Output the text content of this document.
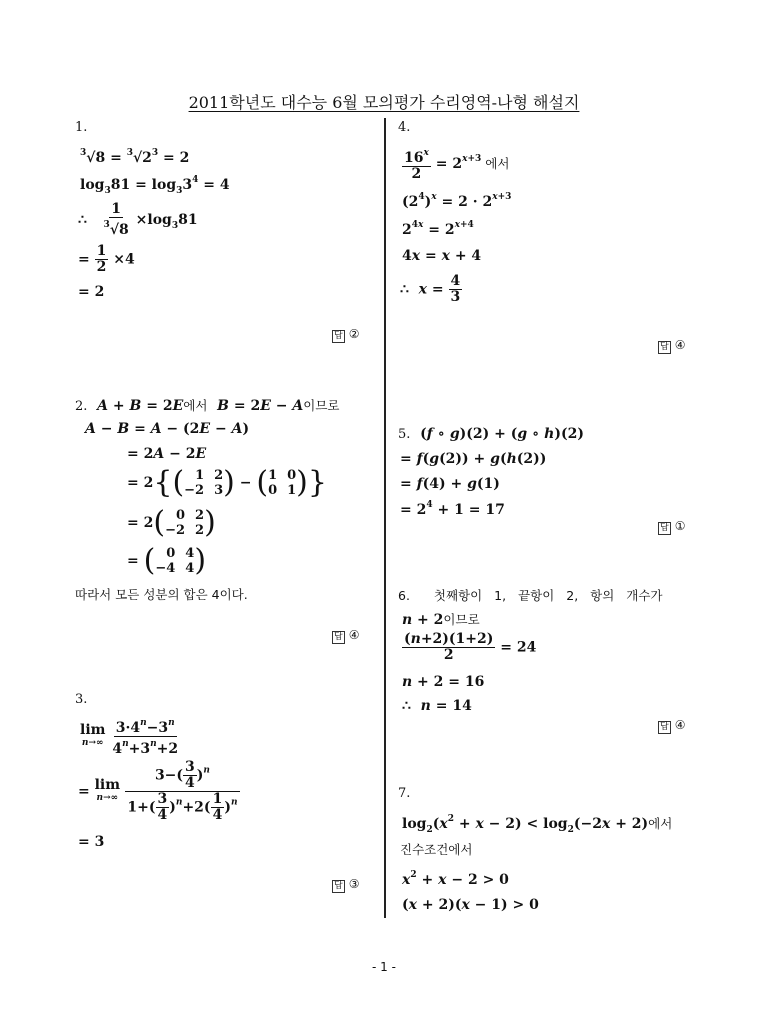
2011학년도 대수능 6월 모의평가 수리영역-나형 해설지
1.
$^3√8 = ^3√2^3 = 2$
$\log_381 = \log_33^4 = 4$
∴ $\frac{1}{^3√8} \times\log_381$
= $\frac{1}{2} \times 4$
= 2
답 ②
2. A + B = 2E에서 B = 2E − A이므로
A − B = A − (2E − A)
= 2A − 2E
= 2{( 1 2
−2 3 ) − ( 1 0
0 1 )}
= 2( 0 2
−2 2 )
= ( 0 4
−4 4 )
따라서 모든 성분의 합은 4이다.
답 ④
3.
lim
n→∞
$\frac{3\cdot 4^n-3^n}{4^n+3^n+2}$
= lim
n→∞
$\frac{3-( \frac{3}{4} )^n}{1+( \frac{3}{4} )^n+2( \frac{1}{4} )^n}$
= 3
답 ③
4.
$\frac{16^x}{2} = 2^{x+3}$ 에서
$(2^4)^x = 2 \cdot 2^{x+3}$
$2^{4x} = 2^{x+4}$
4x = x + 4
∴ $x = \frac{4}{3}$
답 ④
5.  (f ∘ g)(2) + (g ∘ h)(2)
= f(g(2)) + g(h(2))
= f(4) + g(1)
= $2^4 + 1 = 17$
답 ①
6. 첫째항이 1, 끝항이 2, 항의 개수가
n + 2이므로
$\frac{(n+2)(1+2)}{2} = 24$
n + 2 = 16
∴ n = 14
답 ④
7.
$\log_2(x^2 + x - 2) < \log_2(-2x + 2)$에서
진수조건에서
$x^2 + x - 2 > 0$
(x + 2)(x − 1) > 0
- 1 -
